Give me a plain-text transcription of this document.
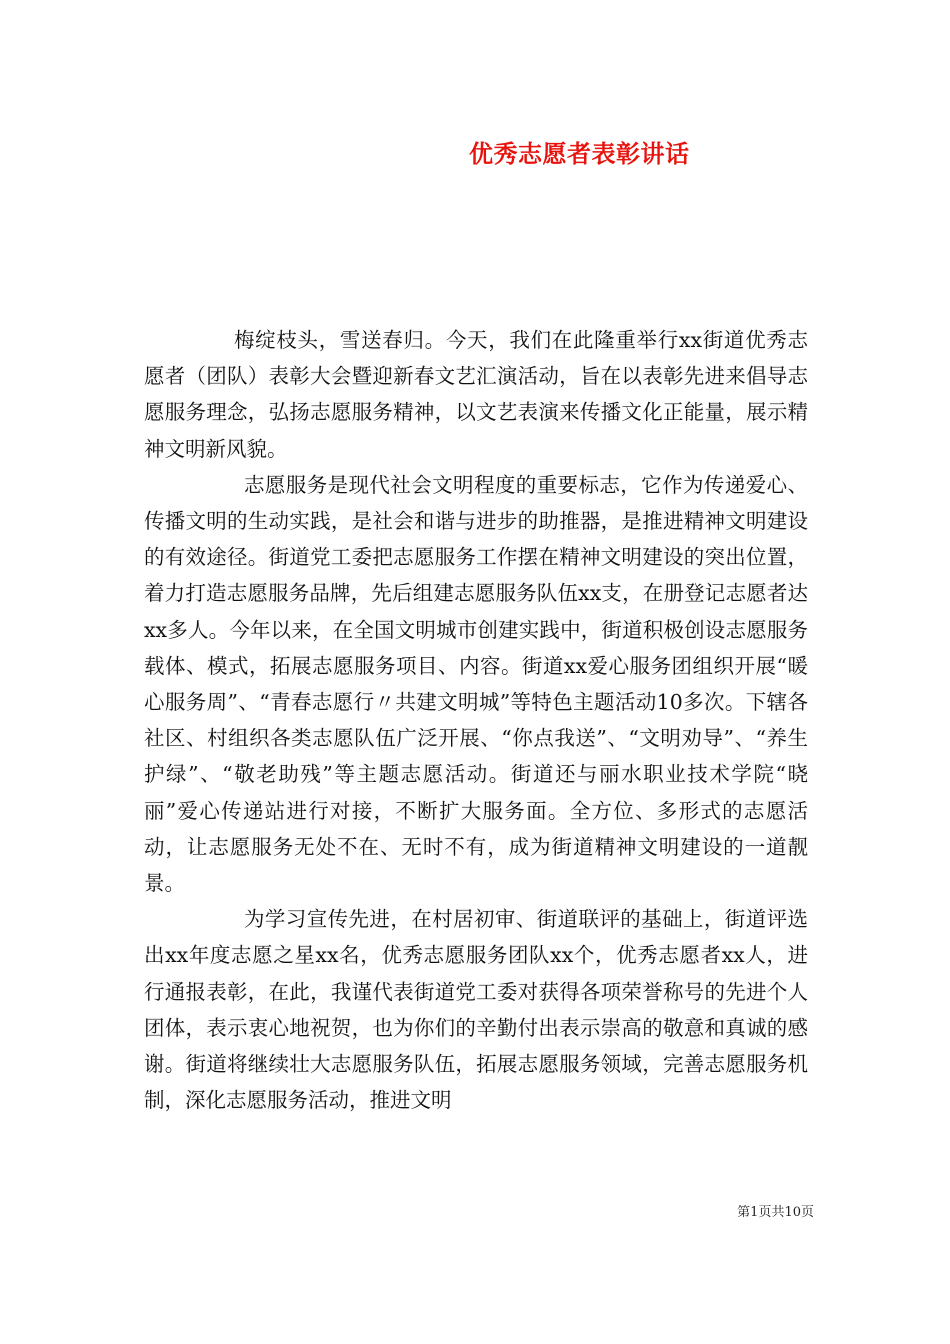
优秀志愿者表彰讲话

梅绽枝头，雪送春归。今天，我们在此隆重举行xx街道优秀志愿者（团队）表彰大会暨迎新春文艺汇演活动，旨在以表彰先进来倡导志愿服务理念，弘扬志愿服务精神，以文艺表演来传播文化正能量，展示精神文明新风貌。

志愿服务是现代社会文明程度的重要标志，它作为传递爱心、传播文明的生动实践，是社会和谐与进步的助推器，是推进精神文明建设的有效途径。街道党工委把志愿服务工作摆在精神文明建设的突出位置，着力打造志愿服务品牌，先后组建志愿服务队伍xx支，在册登记志愿者达xx多人。今年以来，在全国文明城市创建实践中，街道积极创设志愿服务载体、模式，拓展志愿服务项目、内容。街道xx爱心服务团组织开展“暖心服务周”、“青春志愿行〃共建文明城”等特色主题活动10多次。下辖各社区、村组织各类志愿队伍广泛开展、“你点我送”、“文明劝导”、“养生护绿”、“敬老助残”等主题志愿活动。街道还与丽水职业技术学院“晓丽”爱心传递站进行对接，不断扩大服务面。全方位、多形式的志愿活动，让志愿服务无处不在、无时不有，成为街道精神文明建设的一道靓景。

为学习宣传先进，在村居初审、街道联评的基础上，街道评选出xx年度志愿之星xx名，优秀志愿服务团队xx个，优秀志愿者xx人，进行通报表彰，在此，我谨代表街道党工委对获得各项荣誉称号的先进个人团体，表示衷心地祝贺，也为你们的辛勤付出表示崇高的敬意和真诚的感谢。街道将继续壮大志愿服务队伍，拓展志愿服务领域，完善志愿服务机制，深化志愿服务活动，推进文明

第1页共10页
